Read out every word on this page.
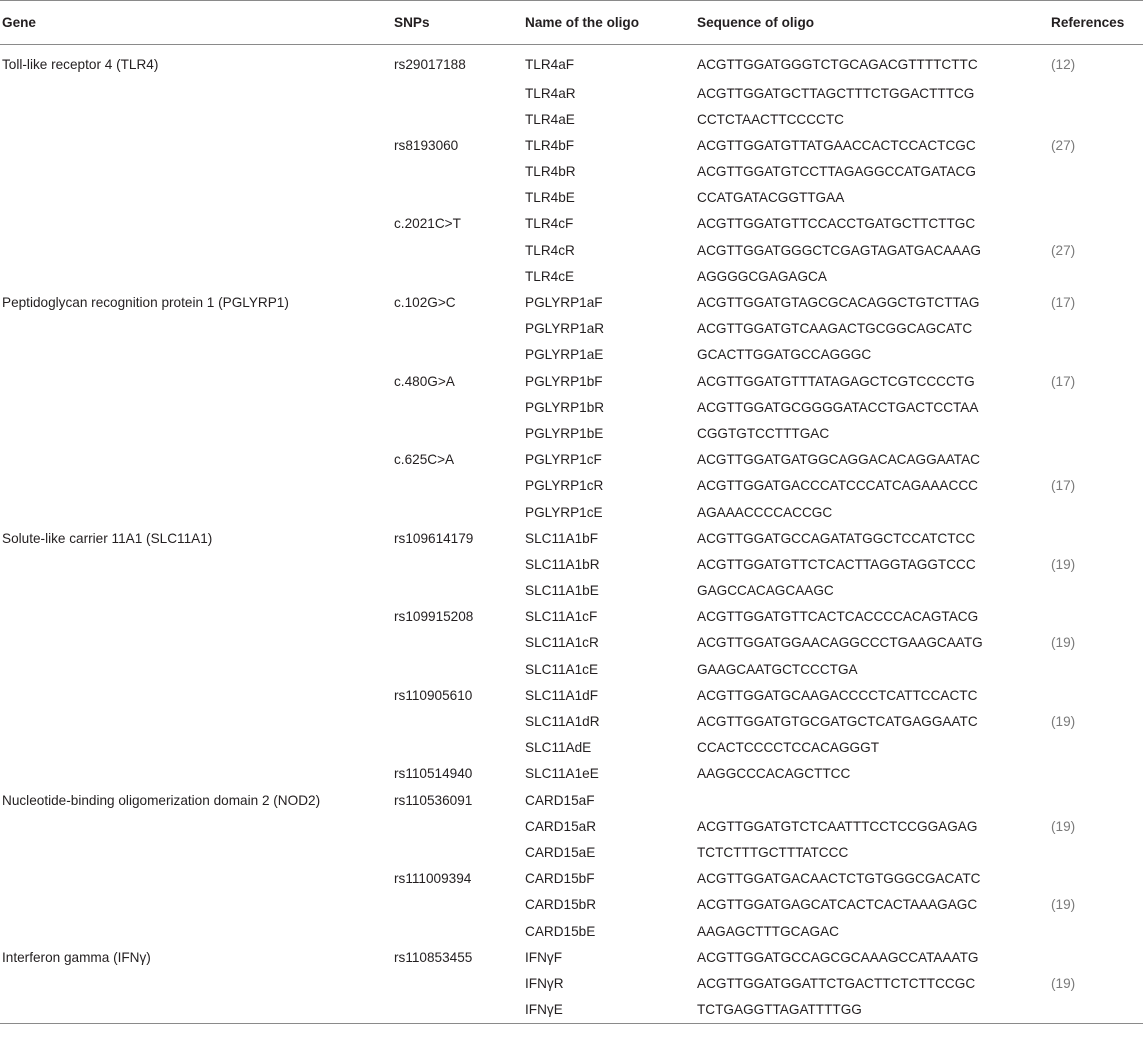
Gene	SNPs	Name of the oligo	Sequence of oligo	References
Toll-like receptor 4 (TLR4)	rs29017188	TLR4aF	ACGTTGGATGGGTCTGCAGACGTTTTCTTC	(12)
		TLR4aR	ACGTTGGATGCTTAGCTTTCTGGACTTTCG	
		TLR4aE	CCTCTAACTTCCCCTC	
	rs8193060	TLR4bF	ACGTTGGATGTTATGAACCACTCCACTCGC	(27)
		TLR4bR	ACGTTGGATGTCCTTAGAGGCCATGATACG	
		TLR4bE	CCATGATACGGTTGAA	
	c.2021C>T	TLR4cF	ACGTTGGATGTTCCACCTGATGCTTCTTGC	
		TLR4cR	ACGTTGGATGGGCTCGAGTAGATGACAAAG	(27)
		TLR4cE	AGGGGCGAGAGCA	
Peptidoglycan recognition protein 1 (PGLYRP1)	c.102G>C	PGLYRP1aF	ACGTTGGATGTAGCGCACAGGCTGTCTTAG	(17)
		PGLYRP1aR	ACGTTGGATGTCAAGACTGCGGCAGCATC	
		PGLYRP1aE	GCACTTGGATGCCAGGGC	
	c.480G>A	PGLYRP1bF	ACGTTGGATGTTTATAGAGCTCGTCCCCTG	(17)
		PGLYRP1bR	ACGTTGGATGCGGGGATACCTGACTCCTAA	
		PGLYRP1bE	CGGTGTCCTTTGAC	
	c.625C>A	PGLYRP1cF	ACGTTGGATGATGGCAGGACACAGGAATAC	
		PGLYRP1cR	ACGTTGGATGACCCATCCCATCAGAAACCC	(17)
		PGLYRP1cE	AGAAACCCCACCGC	
Solute-like carrier 11A1 (SLC11A1)	rs109614179	SLC11A1bF	ACGTTGGATGCCAGATATGGCTCCATCTCC	
		SLC11A1bR	ACGTTGGATGTTCTCACTTAGGTAGGTCCC	(19)
		SLC11A1bE	GAGCCACAGCAAGC	
	rs109915208	SLC11A1cF	ACGTTGGATGTTCACTCACCCCACAGTACG	
		SLC11A1cR	ACGTTGGATGGAACAGGCCCTGAAGCAATG	(19)
		SLC11A1cE	GAAGCAATGCTCCCTGA	
	rs110905610	SLC11A1dF	ACGTTGGATGCAAGACCCCTCATTCCACTC	
		SLC11A1dR	ACGTTGGATGTGCGATGCTCATGAGGAATC	(19)
		SLC11AdE	CCACTCCCCTCCACAGGGT	
	rs110514940	SLC11A1eE	AAGGCCCACAGCTTCC	
Nucleotide-binding oligomerization domain 2 (NOD2)	rs110536091	CARD15aF		
		CARD15aR	ACGTTGGATGTCTCAATTTCCTCCGGAGAG	(19)
		CARD15aE	TCTCTTTGCTTTATCCC	
	rs111009394	CARD15bF	ACGTTGGATGACAACTCTGTGGGCGACATC	
		CARD15bR	ACGTTGGATGAGCATCACTCACTAAAGAGC	(19)
		CARD15bE	AAGAGCTTTGCAGAC	
Interferon gamma (IFNγ)	rs110853455	IFNγF	ACGTTGGATGCCAGCGCAAAGCCATAAATG	
		IFNγR	ACGTTGGATGGATTCTGACTTCTCTTCCGC	(19)
		IFNγE	TCTGAGGTTAGATTTTGG	
